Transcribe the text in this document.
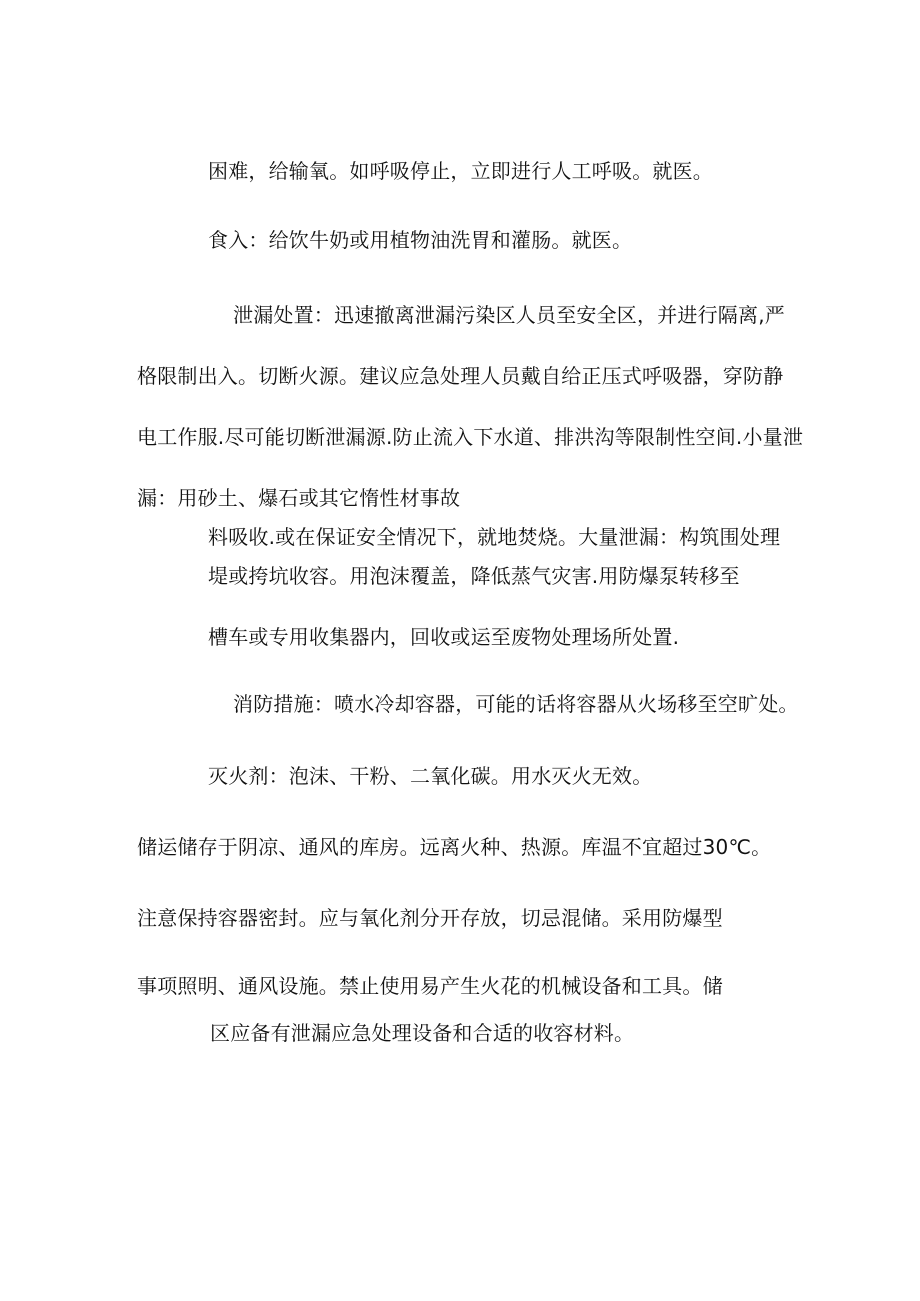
困难，给输氧。如呼吸停止，立即进行人工呼吸。就医。
食入：给饮牛奶或用植物油洗胃和灌肠。就医。
泄漏处置：迅速撤离泄漏污染区人员至安全区，并进行隔离,严
格限制出入。切断火源。建议应急处理人员戴自给正压式呼吸器，穿防静
电工作服.尽可能切断泄漏源.防止流入下水道、排洪沟等限制性空间.小量泄
漏：用砂土、爆石或其它惰性材事故
料吸收.或在保证安全情况下，就地焚烧。大量泄漏：构筑围处理
堤或挎坑收容。用泡沫覆盖，降低蒸气灾害.用防爆泵转移至
槽车或专用收集器内，回收或运至废物处理场所处置.
消防措施：喷水冷却容器，可能的话将容器从火场移至空旷处。
灭火剂：泡沫、干粉、二氧化碳。用水灭火无效。
储运储存于阴凉、通风的库房。远离火种、热源。库温不宜超过30℃。
注意保持容器密封。应与氧化剂分开存放，切忌混储。采用防爆型
事项照明、通风设施。禁止使用易产生火花的机械设备和工具。储
区应备有泄漏应急处理设备和合适的收容材料。
